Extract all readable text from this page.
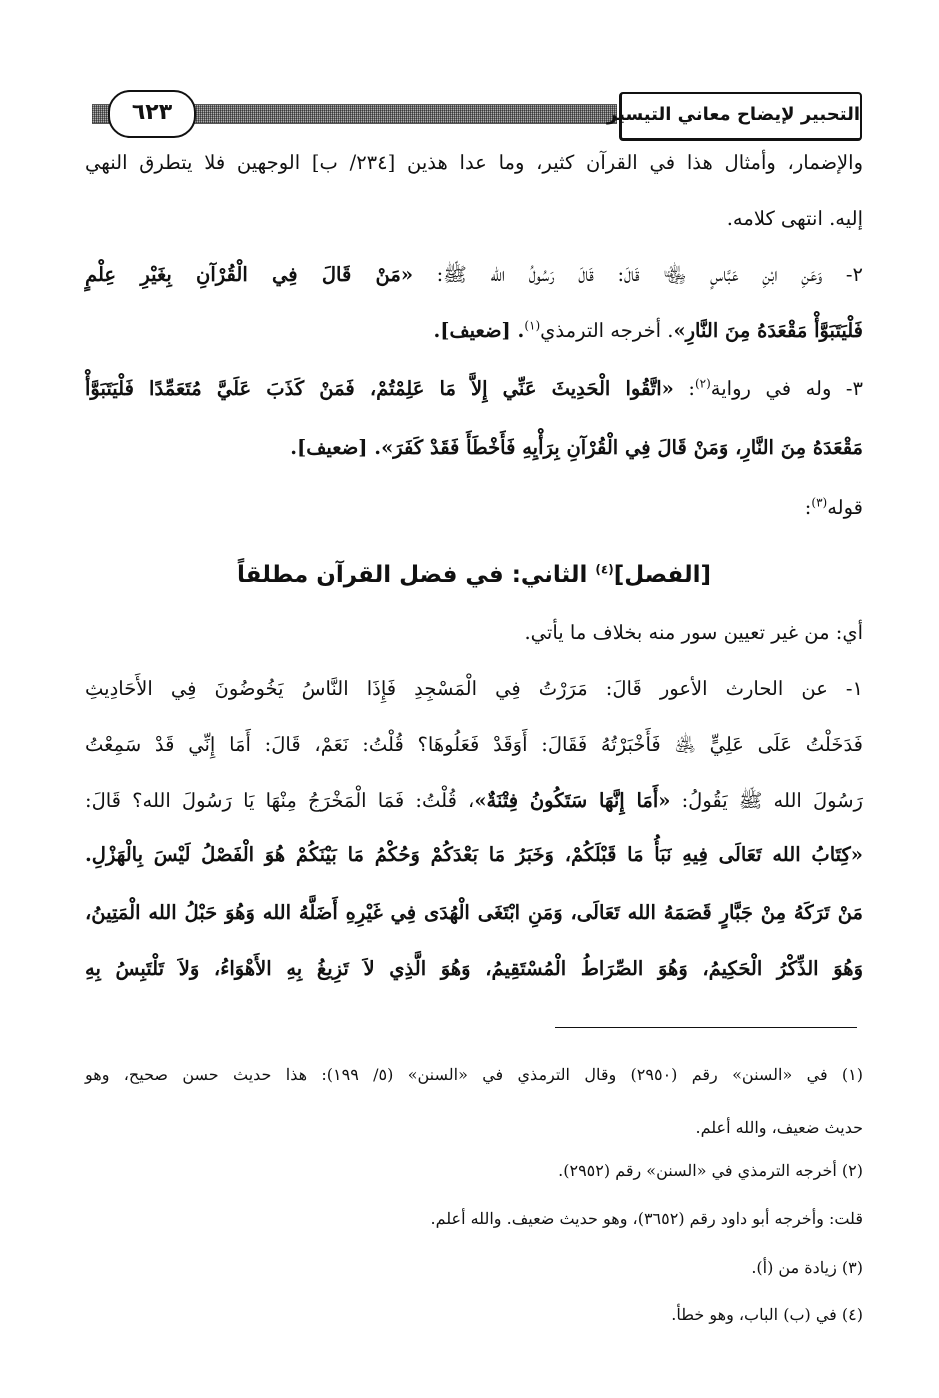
٦٢٣	التحبير لإيضاح معاني التيسير
والإضمار، وأمثال هذا في القرآن كثير، وما عدا هذين [٢٣٤/ ب] الوجهين فلا يتطرق النهي
إليه. انتهى كلامه.
٢- وَعَنِ ابْنِ عَبَّاسٍ ﵄ قَالَ: قَالَ رَسُولُ الله ﷺ: «مَنْ قَالَ فِي الْقُرْآنِ بِغَيْرِ عِلْمٍ
فَلْيَتَبَوَّأْ مَقْعَدَهُ مِنَ النَّارِ». أخرجه الترمذي$^{(١)}$. [ضعيف].
٣- وله في رواية$^{(٢)}$: «اتَّقُوا الْحَدِيثَ عَنِّي إِلاَّ مَا عَلِمْتُمْ، فَمَنْ كَذَبَ عَلَيَّ مُتَعَمِّدًا فَلْيَتَبَوَّأْ
مَقْعَدَهُ مِنَ النَّارِ، وَمَنْ قَالَ فِي الْقُرْآنِ بِرَأْيِهِ فَأَخْطَأَ فَقَدْ كَفَرَ». [ضعيف].
قوله$^{(٣)}$:
[الفصل]$^{(٤)}$ الثاني: في فضل القرآن مطلقاً
أي: من غير تعيين سور منه بخلاف ما يأتي.
١- عن الحارث الأعور قَالَ: مَرَرْتُ فِي الْمَسْجِدِ فَإِذَا النَّاسُ يَخُوضُونَ فِي الأَحَادِيثِ
فَدَخَلْتُ عَلَى عَلِيٍّ ﵁ فَأَخْبَرْتُهُ فَقَالَ: أَوَقَدْ فَعَلُوهَا؟ قُلْتُ: نَعَمْ، قَالَ: أَمَا إِنِّي قَدْ سَمِعْتُ
رَسُولَ الله ﷺ يَقُولُ: «أَمَا إِنَّهَا سَتَكُونُ فِتْنَةٌ»، قُلْتُ: فَمَا الْمَخْرَجُ مِنْهَا يَا رَسُولَ الله؟ قَالَ:
«كِتَابُ الله تَعَالَى فِيهِ نَبَأُ مَا قَبْلَكُمْ، وَخَبَرُ مَا بَعْدَكُمْ وَحُكْمُ مَا بَيْنَكُمْ هُوَ الْفَصْلُ لَيْسَ بِالْهَزْلِ.
مَنْ تَرَكَهُ مِنْ جَبَّارٍ قَصَمَهُ الله تَعَالَى، وَمَنِ ابْتَغَى الْهُدَى فِي غَيْرِهِ أَضَلَّهُ الله وَهُوَ حَبْلُ الله الْمَتِينُ،
وَهُوَ الذِّكْرُ الْحَكِيمُ، وَهُوَ الصِّرَاطُ الْمُسْتَقِيمُ، وَهُوَ الَّذِي لاَ تَزِيغُ بِهِ الأَهْوَاءُ، وَلاَ تَلْتَبِسُ بِهِ
(١) في «السنن» رقم (٢٩٥٠) وقال الترمذي في «السنن» (٥/ ١٩٩): هذا حديث حسن صحيح، وهو
حديث ضعيف، والله أعلم.
(٢) أخرجه الترمذي في «السنن» رقم (٢٩٥٢).
قلت: وأخرجه أبو داود رقم (٣٦٥٢)، وهو حديث ضعيف. والله أعلم.
(٣) زيادة من (أ).
(٤) في (ب) الباب، وهو خطأ.
